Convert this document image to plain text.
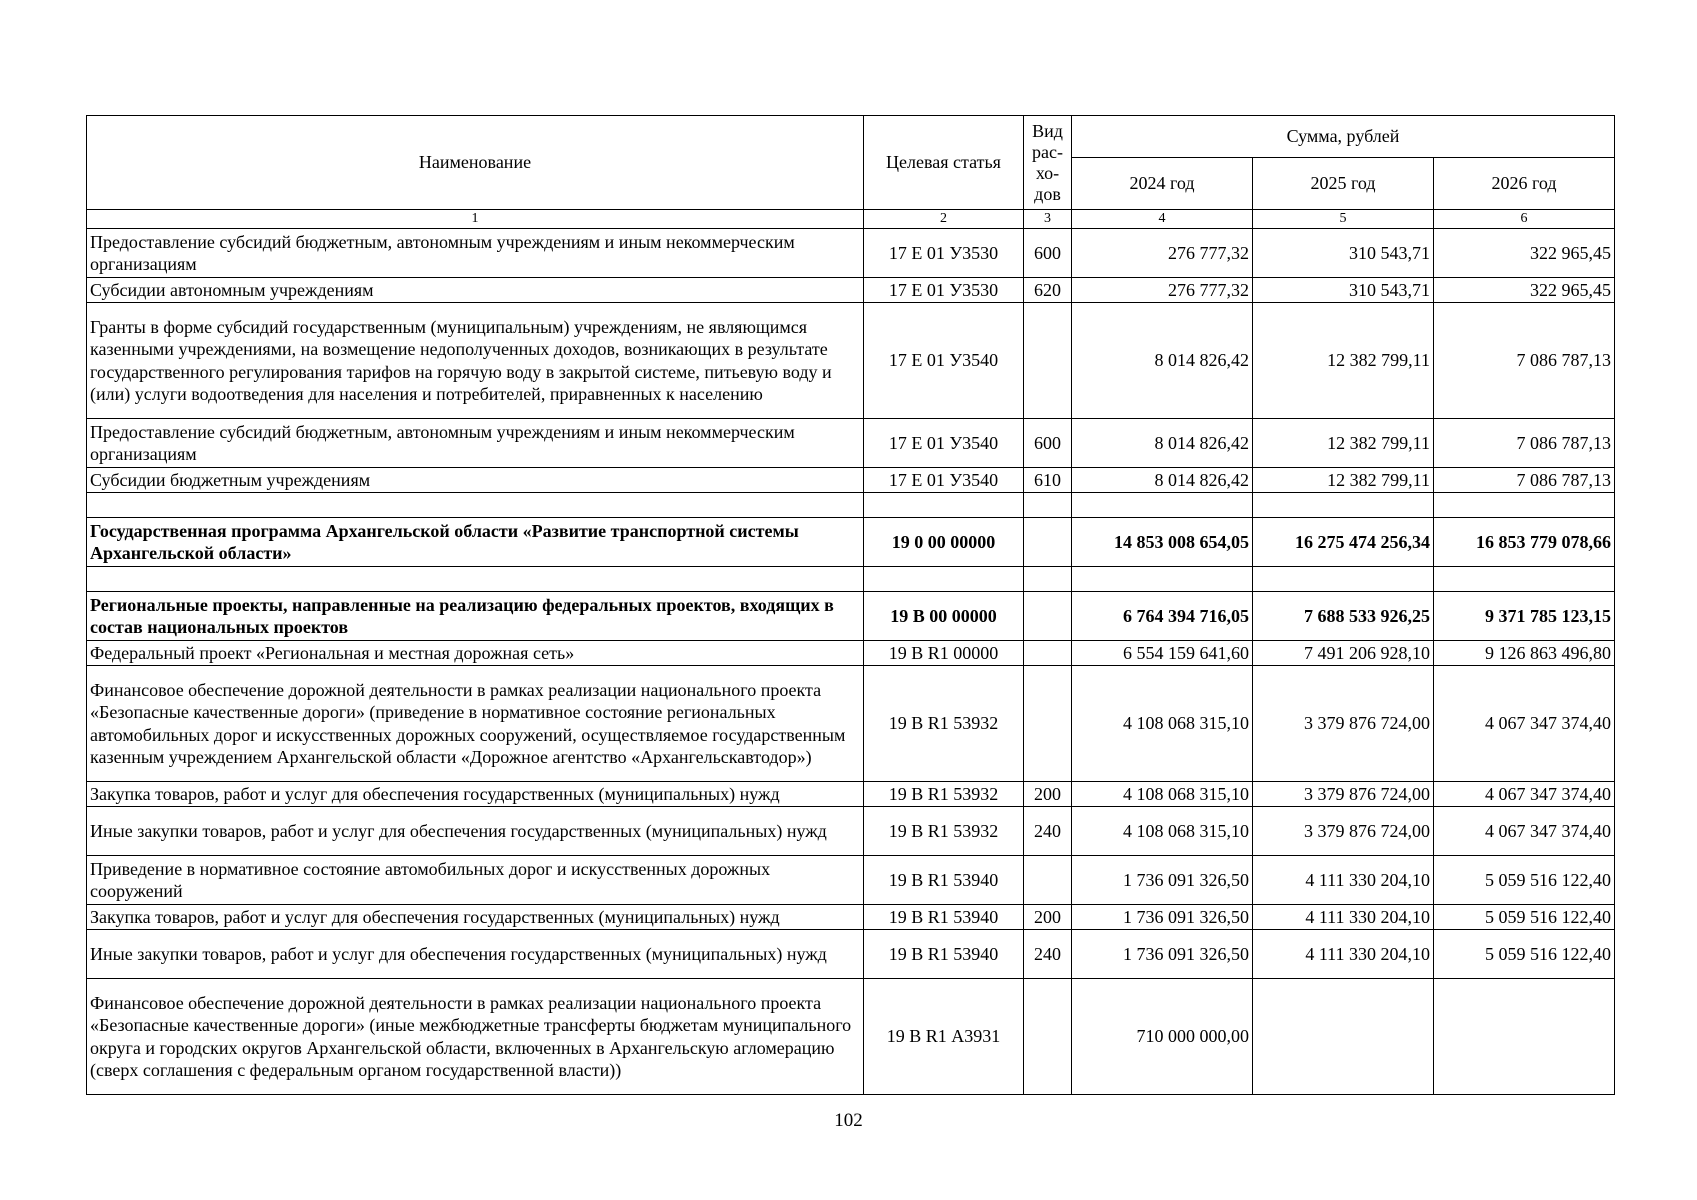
Наименование	Целевая статья	Вид
рас-
хо-
дов	Сумма, рублей		
			2024 год	2025 год	2026 год
1	2	3	4	5	6
Предоставление субсидий бюджетным, автономным учреждениям и иным некоммерческим организациям	17 Е 01 У3530	600	276 777,32	310 543,71	322 965,45
Субсидии автономным учреждениям	17 Е 01 У3530	620	276 777,32	310 543,71	322 965,45
Гранты в форме субсидий государственным (муниципальным) учреждениям, не являющимся казенными учреждениями, на возмещение недополученных доходов, возникающих в результате государственного регулирования тарифов на горячую воду в закрытой системе, питьевую воду и (или) услуги водоотведения для населения и потребителей, приравненных к населению	17 Е 01 У3540		8 014 826,42	12 382 799,11	7 086 787,13
Предоставление субсидий бюджетным, автономным учреждениям и иным некоммерческим организациям	17 Е 01 У3540	600	8 014 826,42	12 382 799,11	7 086 787,13
Субсидии бюджетным учреждениям	17 Е 01 У3540	610	8 014 826,42	12 382 799,11	7 086 787,13

Государственная программа Архангельской области «Развитие транспортной системы Архангельской области»	19 0 00 00000		14 853 008 654,05	16 275 474 256,34	16 853 779 078,66

Региональные проекты, направленные на реализацию федеральных проектов, входящих в состав национальных проектов	19 В 00 00000		6 764 394 716,05	7 688 533 926,25	9 371 785 123,15
Федеральный проект «Региональная и местная дорожная сеть»	19 В R1 00000		6 554 159 641,60	7 491 206 928,10	9 126 863 496,80
Финансовое обеспечение дорожной деятельности в рамках реализации национального проекта «Безопасные качественные дороги» (приведение в нормативное состояние региональных автомобильных дорог и искусственных дорожных сооружений, осуществляемое государственным казенным учреждением Архангельской области «Дорожное агентство «Архангельскавтодор»)	19 В R1 53932		4 108 068 315,10	3 379 876 724,00	4 067 347 374,40
Закупка товаров, работ и услуг для обеспечения государственных (муниципальных) нужд	19 В R1 53932	200	4 108 068 315,10	3 379 876 724,00	4 067 347 374,40
Иные закупки товаров, работ и услуг для обеспечения государственных (муниципальных) нужд	19 В R1 53932	240	4 108 068 315,10	3 379 876 724,00	4 067 347 374,40
Приведение в нормативное состояние автомобильных дорог и искусственных дорожных сооружений	19 В R1 53940		1 736 091 326,50	4 111 330 204,10	5 059 516 122,40
Закупка товаров, работ и услуг для обеспечения государственных (муниципальных) нужд	19 В R1 53940	200	1 736 091 326,50	4 111 330 204,10	5 059 516 122,40
Иные закупки товаров, работ и услуг для обеспечения государственных (муниципальных) нужд	19 В R1 53940	240	1 736 091 326,50	4 111 330 204,10	5 059 516 122,40
Финансовое обеспечение дорожной деятельности в рамках реализации национального проекта «Безопасные качественные дороги» (иные межбюджетные трансферты бюджетам муниципального округа и городских округов Архангельской области, включенных в Архангельскую агломерацию (сверх соглашения с федеральным органом государственной власти))	19 В R1 А3931		710 000 000,00		
102
